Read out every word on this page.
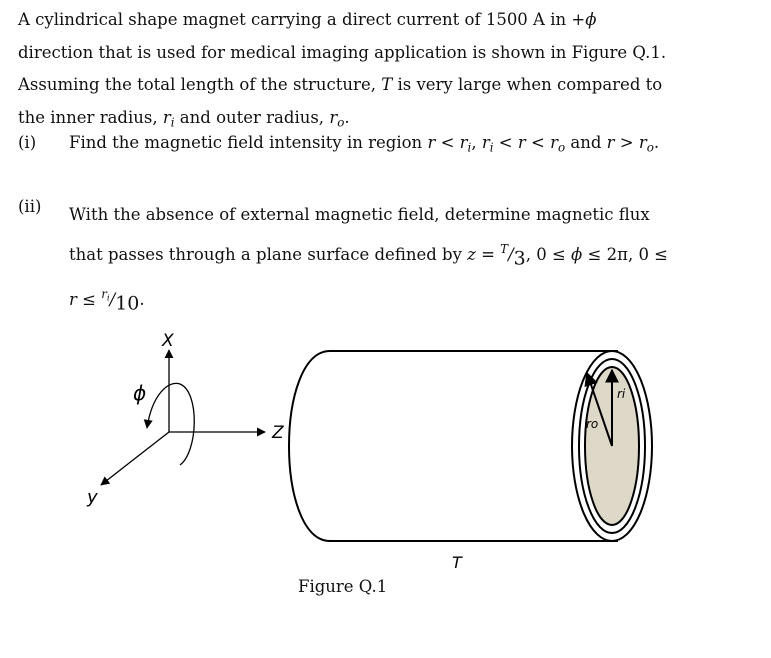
A cylindrical shape magnet carrying a direct current of 1500 A in +ϕ direction that is used for medical imaging application is shown in Figure Q.1. Assuming the total length of the structure, T is very large when compared to the inner radius, $r_i$ and outer radius, $r_o$.
(i) Find the magnetic field intensity in region $r < r_i$, $r_i < r < r_o$ and $r > r_o$.
(ii) With the absence of external magnetic field, determine magnetic flux that passes through a plane surface defined by z = $^T$/3, 0 ≤ ϕ ≤ 2π, 0 ≤ r ≤ $^{r_i}$/10.
X
ϕ
Z
y
ri
ro
T
Figure Q.1
